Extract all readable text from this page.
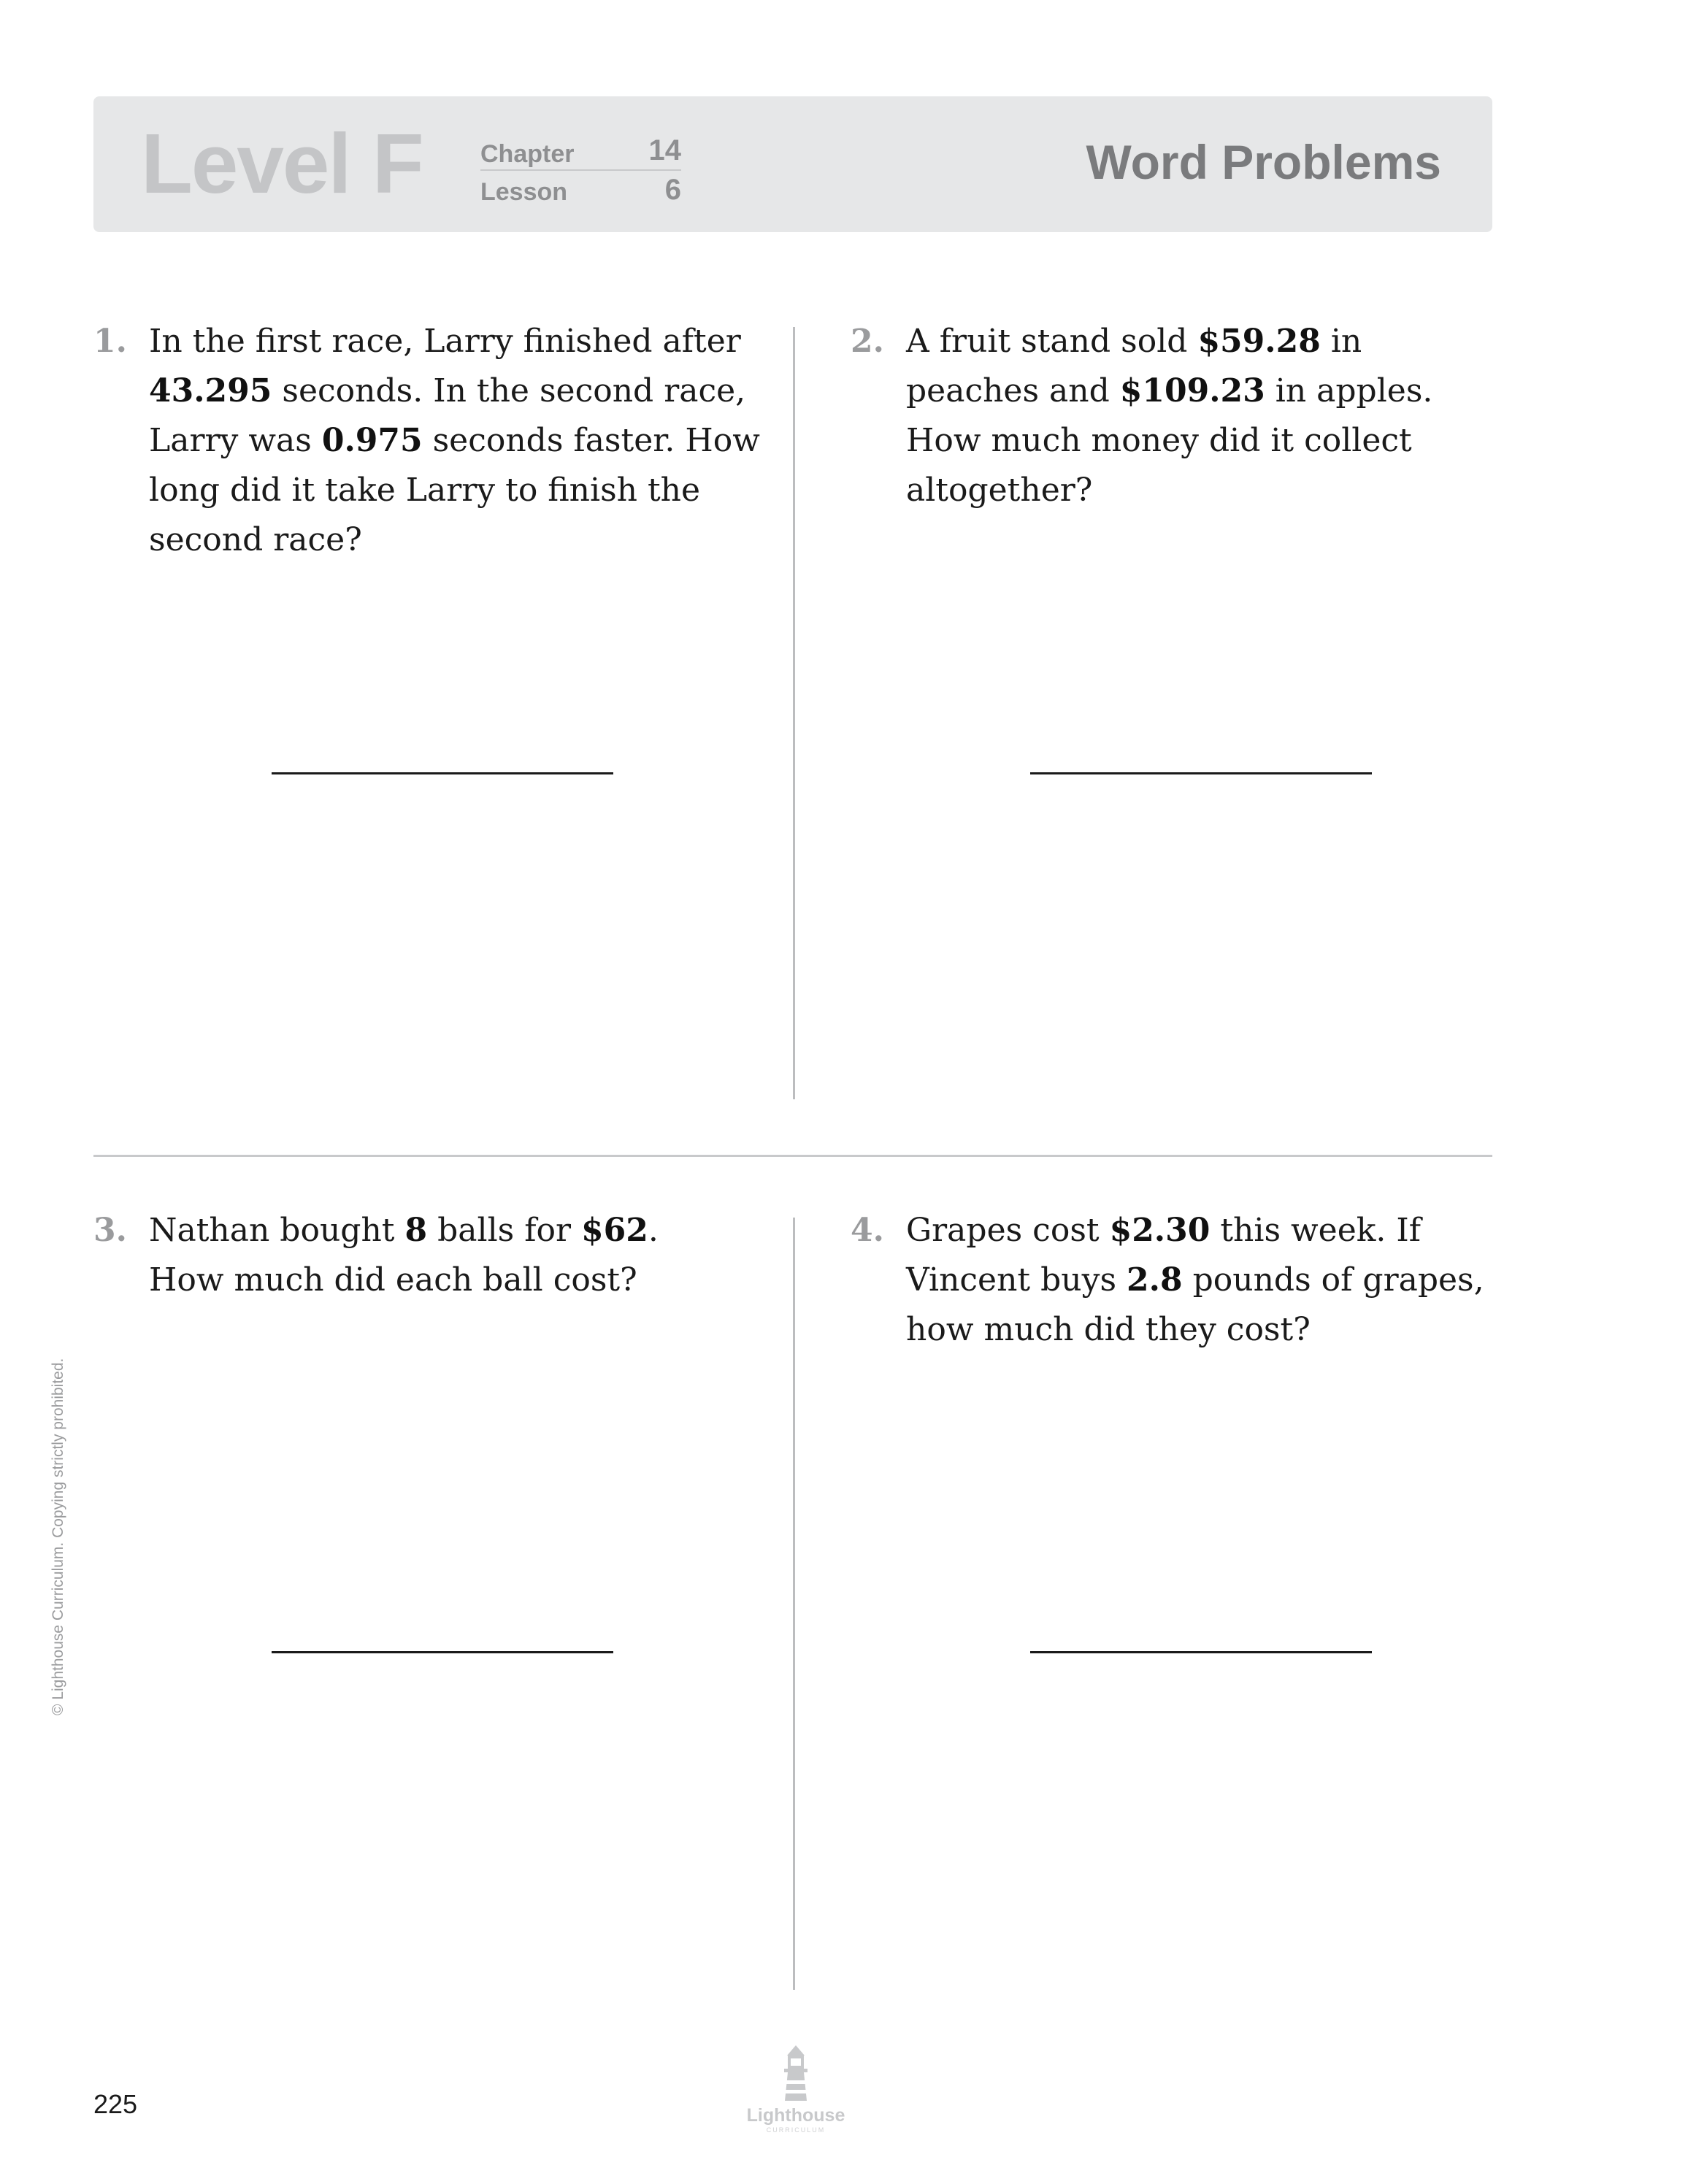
Level F Chapter	14
Lesson	6
Word Problems
1. In the first race, Larry finished after 43.295 seconds. In the second race, Larry was 0.975 seconds faster. How long did it take Larry to finish the second race?
2. A fruit stand sold $59.28 in peaches and $109.23 in apples. How much money did it collect altogether?
3. Nathan bought 8 balls for $62. How much did each ball cost?
4. Grapes cost $2.30 this week. If Vincent buys 2.8 pounds of grapes, how much did they cost?
© Lighthouse Curriculum. Copying strictly prohibited.
225	Lighthouse
CURRICULUM
